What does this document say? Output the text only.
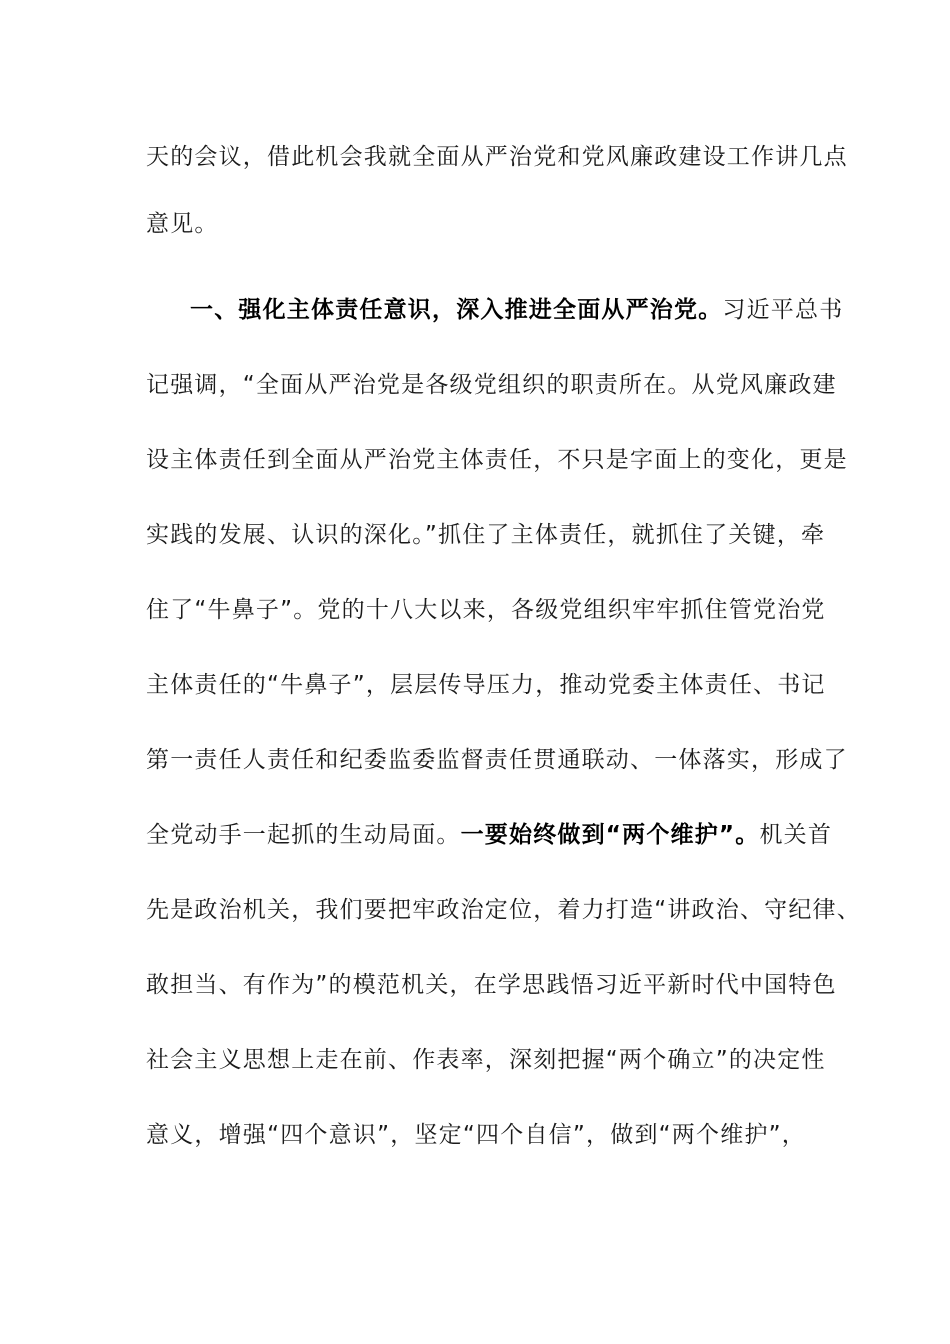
天的会议，借此机会我就全面从严治党和党风廉政建设工作讲几点
意见。
一、强化主体责任意识，深入推进全面从严治党。习近平总书
记强调，“全面从严治党是各级党组织的职责所在。从党风廉政建
设主体责任到全面从严治党主体责任，不只是字面上的变化，更是
实践的发展、认识的深化。”抓住了主体责任，就抓住了关键，牵
住了“牛鼻子”。党的十八大以来，各级党组织牢牢抓住管党治党
主体责任的“牛鼻子”，层层传导压力，推动党委主体责任、书记
第一责任人责任和纪委监委监督责任贯通联动、一体落实，形成了
全党动手一起抓的生动局面。一要始终做到“两个维护”。机关首
先是政治机关，我们要把牢政治定位，着力打造“讲政治、守纪律、
敢担当、有作为”的模范机关，在学思践悟习近平新时代中国特色
社会主义思想上走在前、作表率，深刻把握“两个确立”的决定性
意义，增强“四个意识”，坚定“四个自信”，做到“两个维护”，
